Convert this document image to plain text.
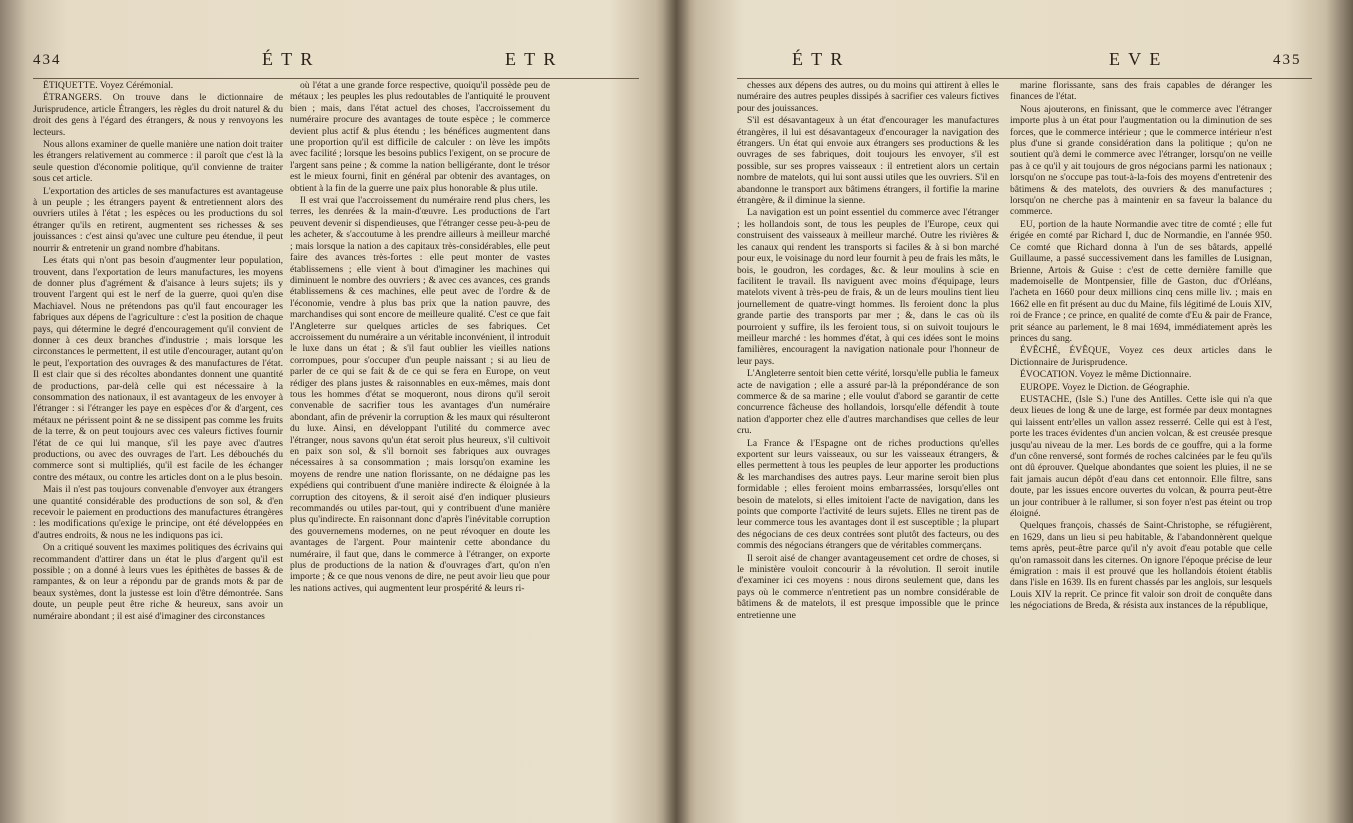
434	É T R	E T R

ÉTIQUETTE. Voyez Cérémonial.

ÉTRANGERS. On trouve dans le dictionnaire de Jurisprudence, article Étrangers, les règles du droit naturel & du droit des gens à l'égard des étrangers, & nous y renvoyons les lecteurs.

Nous allons examiner de quelle manière une nation doit traiter les étrangers relativement au commerce : il paroît que c'est là la seule question d'économie politique, qu'il convienne de traiter sous cet article.

L'exportation des articles de ses manufactures est avantageuse à un peuple ; les étrangers payent & entretiennent alors des ouvriers utiles à l'état ; les espèces ou les productions du sol étranger qu'ils en retirent, augmentent ses richesses & ses jouissances : c'est ainsi qu'avec une culture peu étendue, il peut nourrir & entretenir un grand nombre d'habitans.

Les états qui n'ont pas besoin d'augmenter leur population, trouvent, dans l'exportation de leurs manufactures, les moyens de donner plus d'agrément & d'aisance à leurs sujets; ils y trouvent l'argent qui est le nerf de la guerre, quoi qu'en dise Machiavel. Nous ne prétendons pas qu'il faut encourager les fabriques aux dépens de l'agriculture : c'est la position de chaque pays, qui détermine le degré d'encouragement qu'il convient de donner à ces deux branches d'industrie ; mais lorsque les circonstances le permettent, il est utile d'encourager, autant qu'on le peut, l'exportation des ouvrages & des manufactures de l'état. Il est clair que si des récoltes abondantes donnent une quantité de productions, par-delà celle qui est nécessaire à la consommation des nationaux, il est avantageux de les envoyer à l'étranger : si l'étranger les paye en espèces d'or & d'argent, ces métaux ne périssent point & ne se dissipent pas comme les fruits de la terre, & on peut toujours avec ces valeurs fictives fournir l'état de ce qui lui manque, s'il les paye avec d'autres productions, ou avec des ouvrages de l'art. Les débouchés du commerce sont si multipliés, qu'il est facile de les échanger contre des métaux, ou contre les articles dont on a le plus besoin.

Mais il n'est pas toujours convenable d'envoyer aux étrangers une quantité considérable des productions de son sol, & d'en recevoir le paiement en productions des manufactures étrangères : les modifications qu'exige le principe, ont été développées en d'autres endroits, & nous ne les indiquons pas ici.

On a critiqué souvent les maximes politiques des écrivains qui recommandent d'attirer dans un état le plus d'argent qu'il est possible ; on a donné à leurs vues les épithètes de basses & de rampantes, & on leur a répondu par de grands mots & par de beaux systèmes, dont la justesse est loin d'être démontrée. Sans doute, un peuple peut être riche & heureux, sans avoir un numéraire abondant ; il est aisé d'imaginer des circonstances

où l'état a une grande force respective, quoiqu'il possède peu de métaux ; les peuples les plus redoutables de l'antiquité le prouvent bien ; mais, dans l'état actuel des choses, l'accroissement du numéraire procure des avantages de toute espèce ; le commerce devient plus actif & plus étendu ; les bénéfices augmentent dans une proportion qu'il est difficile de calculer : on lève les impôts avec facilité ; lorsque les besoins publics l'exigent, on se procure de l'argent sans peine ; & comme la nation belligérante, dont le trésor est le mieux fourni, finit en général par obtenir des avantages, on obtient à la fin de la guerre une paix plus honorable & plus utile.

Il est vrai que l'accroissement du numéraire rend plus chers, les terres, les denrées & la main-d'œuvre. Les productions de l'art peuvent devenir si dispendieuses, que l'étranger cesse peu-à-peu de les acheter, & s'accoutume à les prendre ailleurs à meilleur marché ; mais lorsque la nation a des capitaux très-considérables, elle peut faire des avances très-fortes : elle peut monter de vastes établissemens ; elle vient à bout d'imaginer les machines qui diminuent le nombre des ouvriers ; & avec ces avances, ces grands établissemens & ces machines, elle peut avec de l'ordre & de l'économie, vendre à plus bas prix que la nation pauvre, des marchandises qui sont encore de meilleure qualité. C'est ce que fait l'Angleterre sur quelques articles de ses fabriques. Cet accroissement du numéraire a un véritable inconvénient, il introduit le luxe dans un état ; & s'il faut oublier les vieilles nations corrompues, pour s'occuper d'un peuple naissant ; si au lieu de parler de ce qui se fait & de ce qui se fera en Europe, on veut rédiger des plans justes & raisonnables en eux-mêmes, mais dont tous les hommes d'état se moqueront, nous dirons qu'il seroit convenable de sacrifier tous les avantages d'un numéraire abondant, afin de prévenir la corruption & les maux qui résulteront du luxe. Ainsi, en développant l'utilité du commerce avec l'étranger, nous savons qu'un état seroit plus heureux, s'il cultivoit en paix son sol, & s'il bornoit ses fabriques aux ouvrages nécessaires à sa consommation ; mais lorsqu'on examine les moyens de rendre une nation florissante, on ne dédaigne pas les expédiens qui contribuent d'une manière indirecte & éloignée à la corruption des citoyens, & il seroit aisé d'en indiquer plusieurs recommandés ou utiles par-tout, qui y contribuent d'une manière plus qu'indirecte. En raisonnant donc d'après l'inévitable corruption des gouvernemens modernes, on ne peut révoquer en doute les avantages de l'argent. Pour maintenir cette abondance du numéraire, il faut que, dans le commerce à l'étranger, on exporte plus de productions de la nation & d'ouvrages d'art, qu'on n'en importe ; & ce que nous venons de dire, ne peut avoir lieu que pour les nations actives, qui augmentent leur prospérité & leurs ri-

É T R	E V E	435

chesses aux dépens des autres, ou du moins qui attirent à elles le numéraire des autres peuples dissipés à sacrifier ces valeurs fictives pour des jouissances.

S'il est désavantageux à un état d'encourager les manufactures étrangères, il lui est désavantageux d'encourager la navigation des étrangers. Un état qui envoie aux étrangers ses productions & les ouvrages de ses fabriques, doit toujours les envoyer, s'il est possible, sur ses propres vaisseaux : il entretient alors un certain nombre de matelots, qui lui sont aussi utiles que les ouvriers. S'il en abandonne le transport aux bâtimens étrangers, il fortifie la marine étrangère, & il diminue la sienne.

La navigation est un point essentiel du commerce avec l'étranger ; les hollandois sont, de tous les peuples de l'Europe, ceux qui construisent des vaisseaux à meilleur marché. Outre les rivières & les canaux qui rendent les transports si faciles & à si bon marché pour eux, le voisinage du nord leur fournit à peu de frais les mâts, le bois, le goudron, les cordages, &c. & leur moulins à scie en facilitent le travail. Ils naviguent avec moins d'équipage, leurs matelots vivent à très-peu de frais, & un de leurs moulins tient lieu journellement de quatre-vingt hommes. Ils feroient donc la plus grande partie des transports par mer ; &, dans le cas où ils pourroient y suffire, ils les feroient tous, si on suivoit toujours le meilleur marché : les hommes d'état, à qui ces idées sont le moins familières, encouragent la navigation nationale pour l'honneur de leur pays.

L'Angleterre sentoit bien cette vérité, lorsqu'elle publia le fameux acte de navigation ; elle a assuré par-là la prépondérance de son commerce & de sa marine ; elle voulut d'abord se garantir de cette concurrence fâcheuse des hollandois, lorsqu'elle défendit à toute nation d'apporter chez elle d'autres marchandises que celles de leur cru.

La France & l'Espagne ont de riches productions qu'elles exportent sur leurs vaisseaux, ou sur les vaisseaux étrangers, & elles permettent à tous les peuples de leur apporter les productions & les marchandises des autres pays. Leur marine seroit bien plus formidable ; elles feroient moins embarrassées, lorsqu'elles ont besoin de matelots, si elles imitoient l'acte de navigation, dans les points que comporte l'activité de leurs sujets. Elles ne tirent pas de leur commerce tous les avantages dont il est susceptible ; la plupart des négocians de ces deux contrées sont plutôt des facteurs, ou des commis des négocians étrangers que de véritables commerçans.

Il seroit aisé de changer avantageusement cet ordre de choses, si le ministère vouloit concourir à la révolution. Il seroit inutile d'examiner ici ces moyens : nous dirons seulement que, dans les pays où le commerce n'entretient pas un nombre considérable de bâtimens & de matelots, il est presque impossible que le prince entretienne une

marine florissante, sans des frais capables de déranger les finances de l'état.

Nous ajouterons, en finissant, que le commerce avec l'étranger importe plus à un état pour l'augmentation ou la diminution de ses forces, que le commerce intérieur ; que le commerce intérieur n'est plus d'une si grande considération dans la politique ; qu'on ne soutient qu'à demi le commerce avec l'étranger, lorsqu'on ne veille pas à ce qu'il y ait toujours de gros négocians parmi les nationaux ; lorsqu'on ne s'occupe pas tout-à-la-fois des moyens d'entretenir des bâtimens & des matelots, des ouvriers & des manufactures ; lorsqu'on ne cherche pas à maintenir en sa faveur la balance du commerce.

EU, portion de la haute Normandie avec titre de comté ; elle fut érigée en comté par Richard I, duc de Normandie, en l'année 950. Ce comté que Richard donna à l'un de ses bâtards, appellé Guillaume, a passé successivement dans les familles de Lusignan, Brienne, Artois & Guise : c'est de cette dernière famille que mademoiselle de Montpensier, fille de Gaston, duc d'Orléans, l'acheta en 1660 pour deux millions cinq cens mille liv. ; mais en 1662 elle en fit présent au duc du Maine, fils légitimé de Louis XIV, roi de France ; ce prince, en qualité de comte d'Eu & pair de France, prit séance au parlement, le 8 mai 1694, immédiatement après les princes du sang.

ÉVÊCHÉ, ÉVÊQUE, Voyez ces deux articles dans le Dictionnaire de Jurisprudence.

ÉVOCATION. Voyez le même Dictionnaire.

EUROPE. Voyez le Diction. de Géographie.

EUSTACHE, (Isle S.) l'une des Antilles. Cette isle qui n'a que deux lieues de long & une de large, est formée par deux montagnes qui laissent entr'elles un vallon assez resserré. Celle qui est à l'est, porte les traces évidentes d'un ancien volcan, & est creusée presque jusqu'au niveau de la mer. Les bords de ce gouffre, qui a la forme d'un cône renversé, sont formés de roches calcinées par le feu qu'ils ont dû éprouver. Quelque abondantes que soient les pluies, il ne se fait jamais aucun dépôt d'eau dans cet entonnoir. Elle filtre, sans doute, par les issues encore ouvertes du volcan, & pourra peut-être un jour contribuer à le rallumer, si son foyer n'est pas éteint ou trop éloigné.

Quelques françois, chassés de Saint-Christophe, se réfugièrent, en 1629, dans un lieu si peu habitable, & l'abandonnèrent quelque tems après, peut-être parce qu'il n'y avoit d'eau potable que celle qu'on ramassoit dans les citernes. On ignore l'époque précise de leur émigration : mais il est prouvé que les hollandois étoient établis dans l'isle en 1639. Ils en furent chassés par les anglois, sur lesquels Louis XIV la reprit. Ce prince fit valoir son droit de conquête dans les négociations de Breda, & résista aux instances de la république,
